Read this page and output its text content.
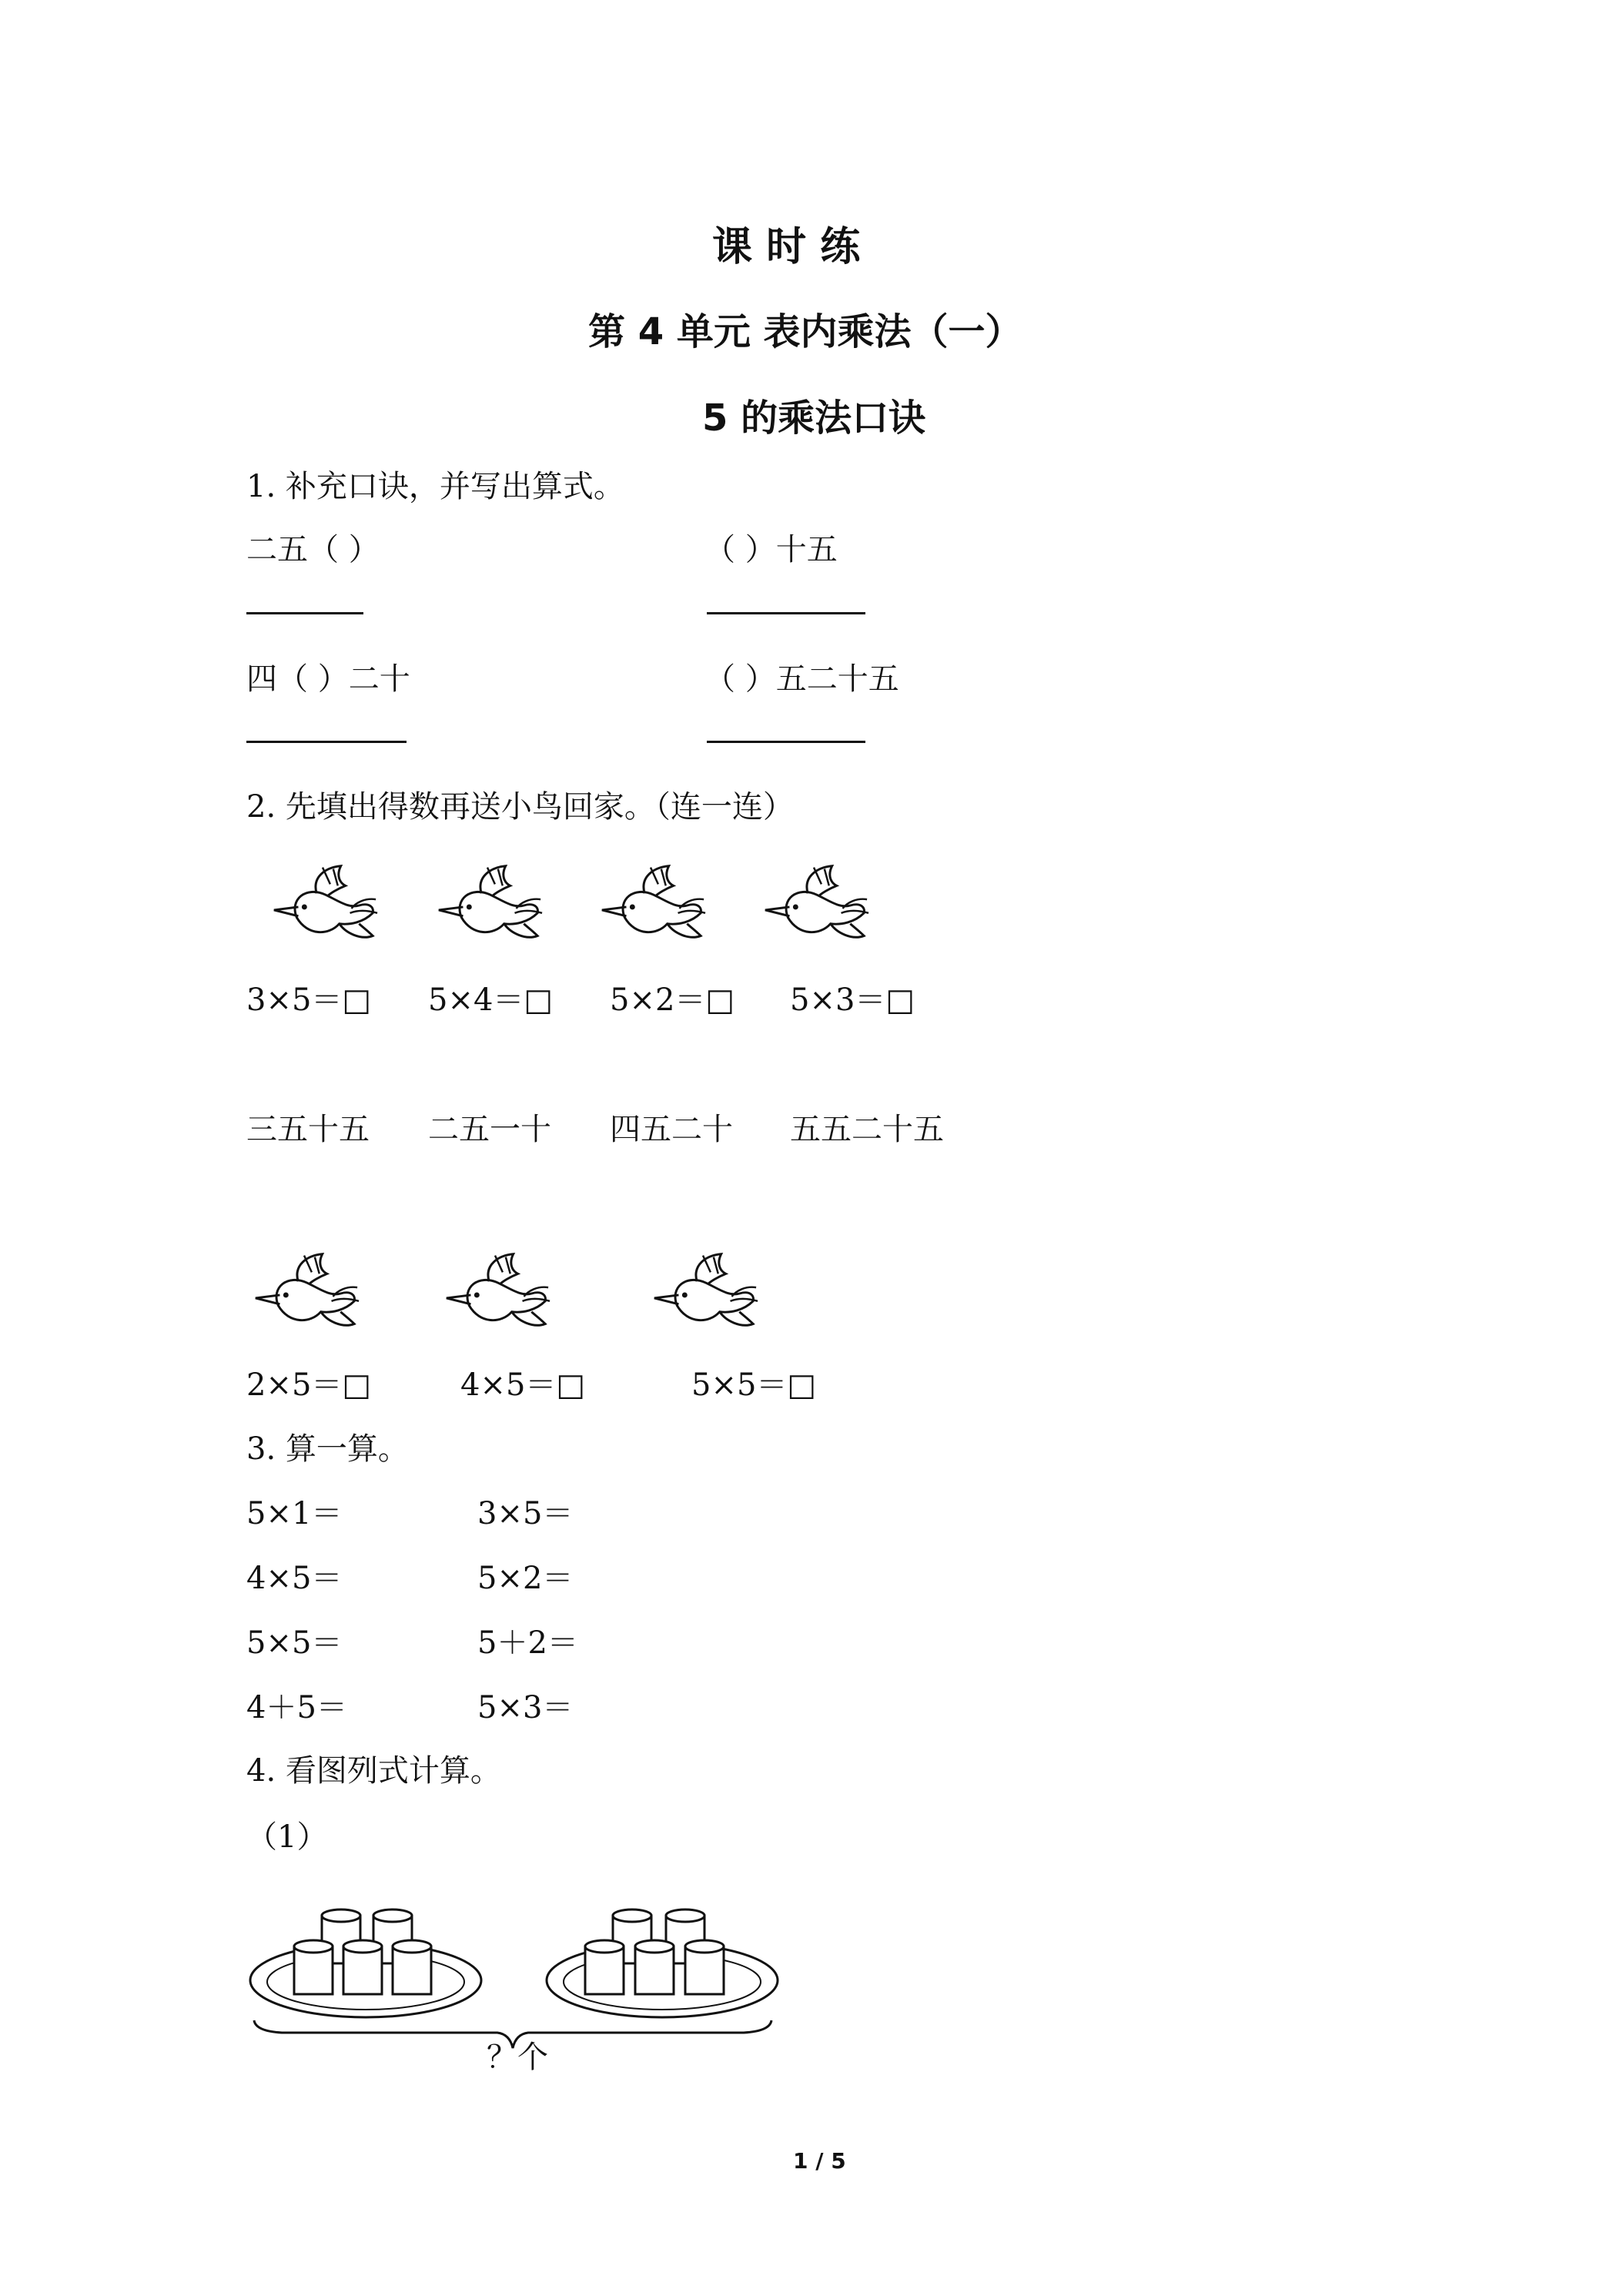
课 时 练
第 4 单元 表内乘法（一）
5 的乘法口诀
1. 补充口诀，并写出算式。
二五（ ）	（ ）十五
四（ ）二十	（ ）五二十五
2. 先填出得数再送小鸟回家。（连一连）
3×5＝□ 5×4＝□ 5×2＝□ 5×3＝□
三五十五 二五一十 四五二十 五五二十五
2×5＝□	4×5＝□	5×5＝□
3. 算一算。
5×1＝	3×5＝
4×5＝	5×2＝
5×5＝	5＋2＝
4＋5＝	5×3＝
4. 看图列式计算。
（1）
？个
1 / 5
